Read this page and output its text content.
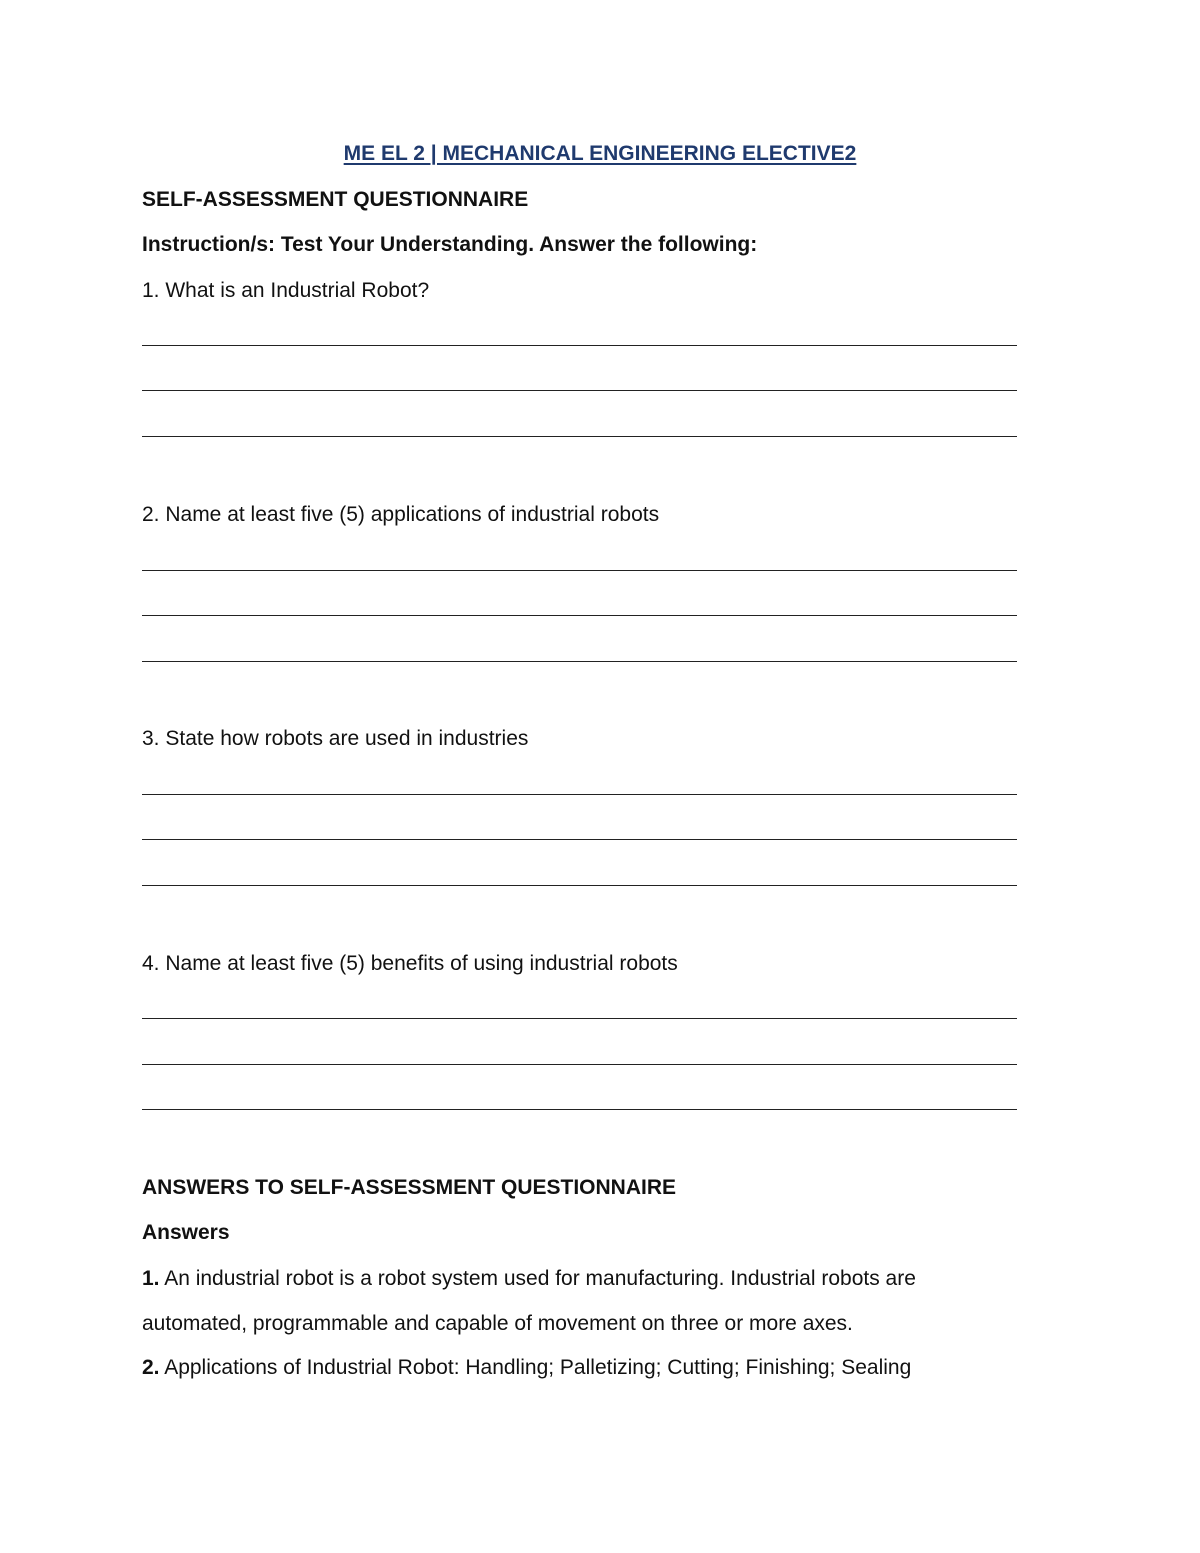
ME EL 2 | MECHANICAL ENGINEERING ELECTIVE2
SELF-ASSESSMENT QUESTIONNAIRE
Instruction/s: Test Your Understanding. Answer the following:
1. What is an Industrial Robot?
2. Name at least five (5) applications of industrial robots
3. State how robots are used in industries
4. Name at least five (5) benefits of using industrial robots
ANSWERS TO SELF-ASSESSMENT QUESTIONNAIRE
Answers
1. An industrial robot is a robot system used for manufacturing. Industrial robots are
automated, programmable and capable of movement on three or more axes.
2. Applications of Industrial Robot: Handling; Palletizing; Cutting; Finishing; Sealing
